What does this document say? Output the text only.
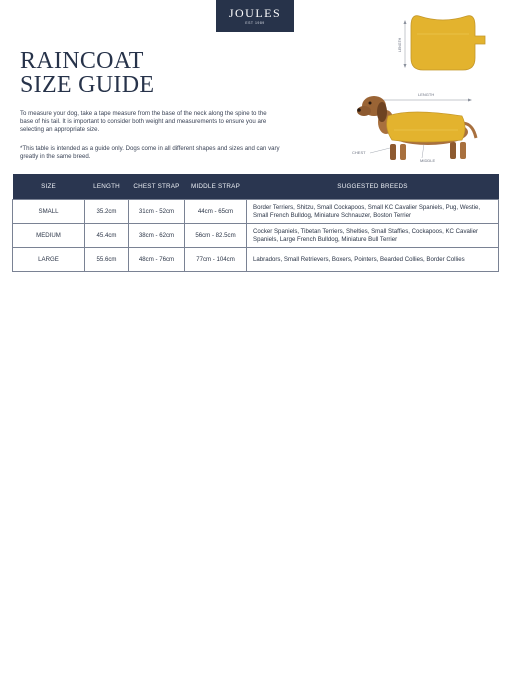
JOULES
EST 1989
RAINCOAT
SIZE GUIDE

To measure your dog, take a tape measure from the base of the neck along the spine to the base of his tail. It is important to consider both weight and measurements to ensure you are selecting an appropriate size.

*This table is intended as a guide only. Dogs come in all different shapes and sizes and can vary greatly in the same breed.

LENGTH
LENGTH
CHEST
MIDDLE
SIZE	LENGTH	CHEST STRAP	MIDDLE STRAP	SUGGESTED BREEDS
SMALL	35.2cm	31cm - 52cm	44cm - 65cm	Border Terriers, Shitzu, Small Cockapoos, Small KC Cavalier Spaniels, Pug, Westie, Small French Bulldog, Miniature Schnauzer, Boston Terrier
MEDIUM	45.4cm	38cm - 62cm	56cm - 82.5cm	Cocker Spaniels, Tibetan Terriers, Shelties, Small Staffies, Cockapoos, KC Cavalier Spaniels, Large French Bulldog, Miniature Bull Terrier
LARGE	55.6cm	48cm - 76cm	77cm - 104cm	Labradors, Small Retrievers, Boxers, Pointers, Bearded Collies, Border Collies
